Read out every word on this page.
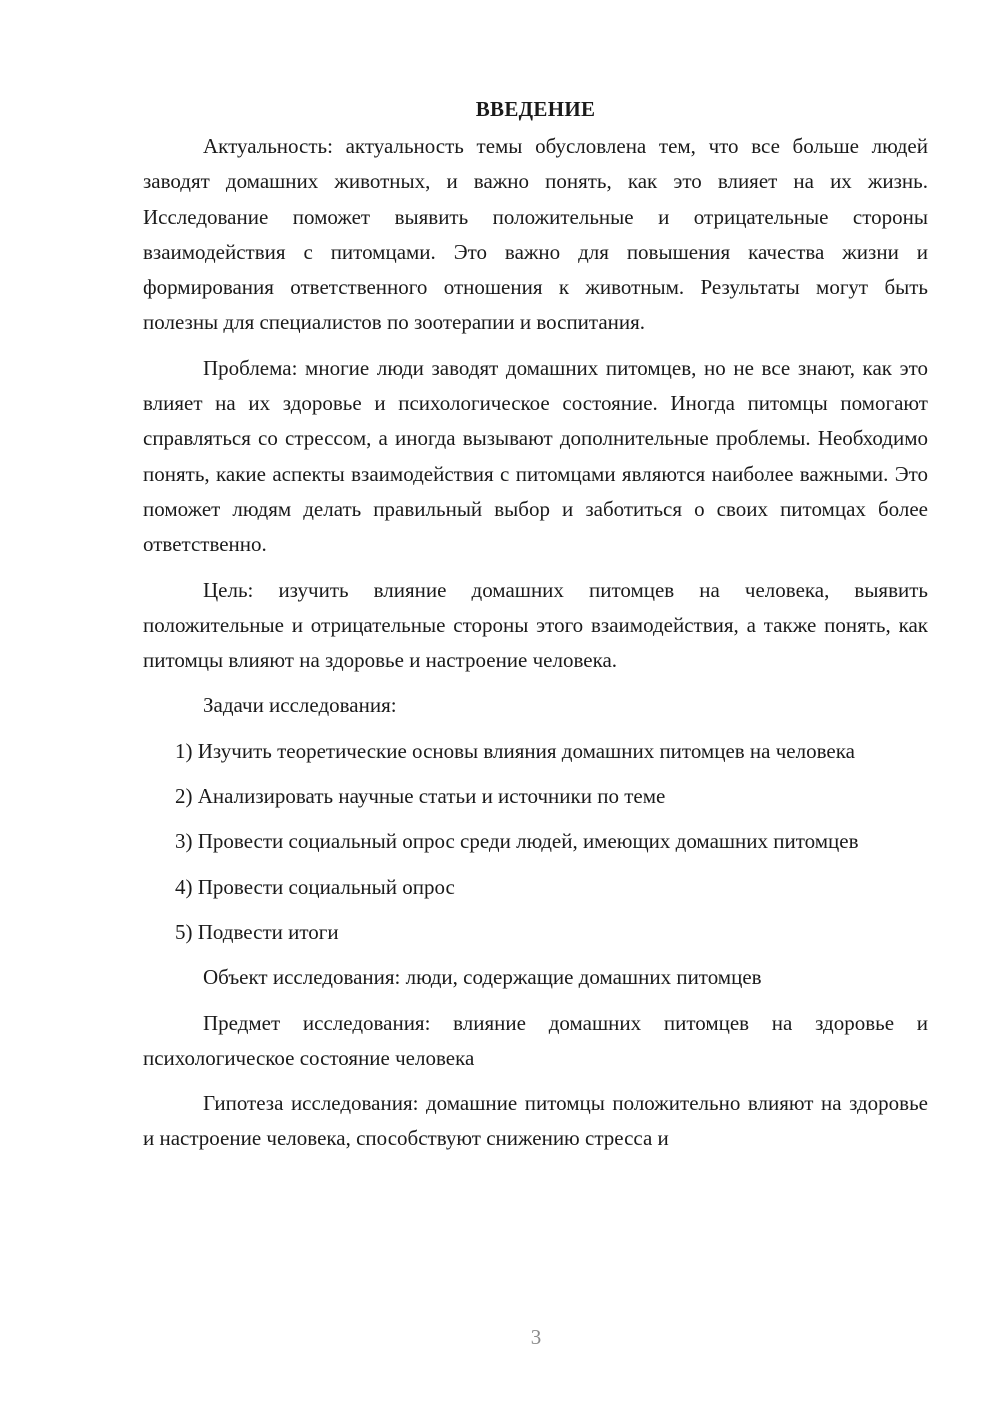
ВВЕДЕНИЕ

Актуальность: актуальность темы обусловлена тем, что все больше людей заводят домашних животных, и важно понять, как это влияет на их жизнь. Исследование поможет выявить положительные и отрицательные стороны взаимодействия с питомцами. Это важно для повышения качества жизни и формирования ответственного отношения к животным. Результаты могут быть полезны для специалистов по зоотерапии и воспитания.

Проблема: многие люди заводят домашних питомцев, но не все знают, как это влияет на их здоровье и психологическое состояние. Иногда питомцы помогают справляться со стрессом, а иногда вызывают дополнительные проблемы. Необходимо понять, какие аспекты взаимодействия с питомцами являются наиболее важными. Это поможет людям делать правильный выбор и заботиться о своих питомцах более ответственно.

Цель: изучить влияние домашних питомцев на человека, выявить положительные и отрицательные стороны этого взаимодействия, а также понять, как питомцы влияют на здоровье и настроение человека.

Задачи исследования:

1) Изучить теоретические основы влияния домашних питомцев на человека
2) Анализировать научные статьи и источники по теме
3) Провести социальный опрос среди людей, имеющих домашних питомцев
4) Провести социальный опрос
5) Подвести итоги

Объект исследования: люди, содержащие домашних питомцев

Предмет исследования: влияние домашних питомцев на здоровье и психологическое состояние человека

Гипотеза исследования: домашние питомцы положительно влияют на здоровье и настроение человека, способствуют снижению стресса и

3
